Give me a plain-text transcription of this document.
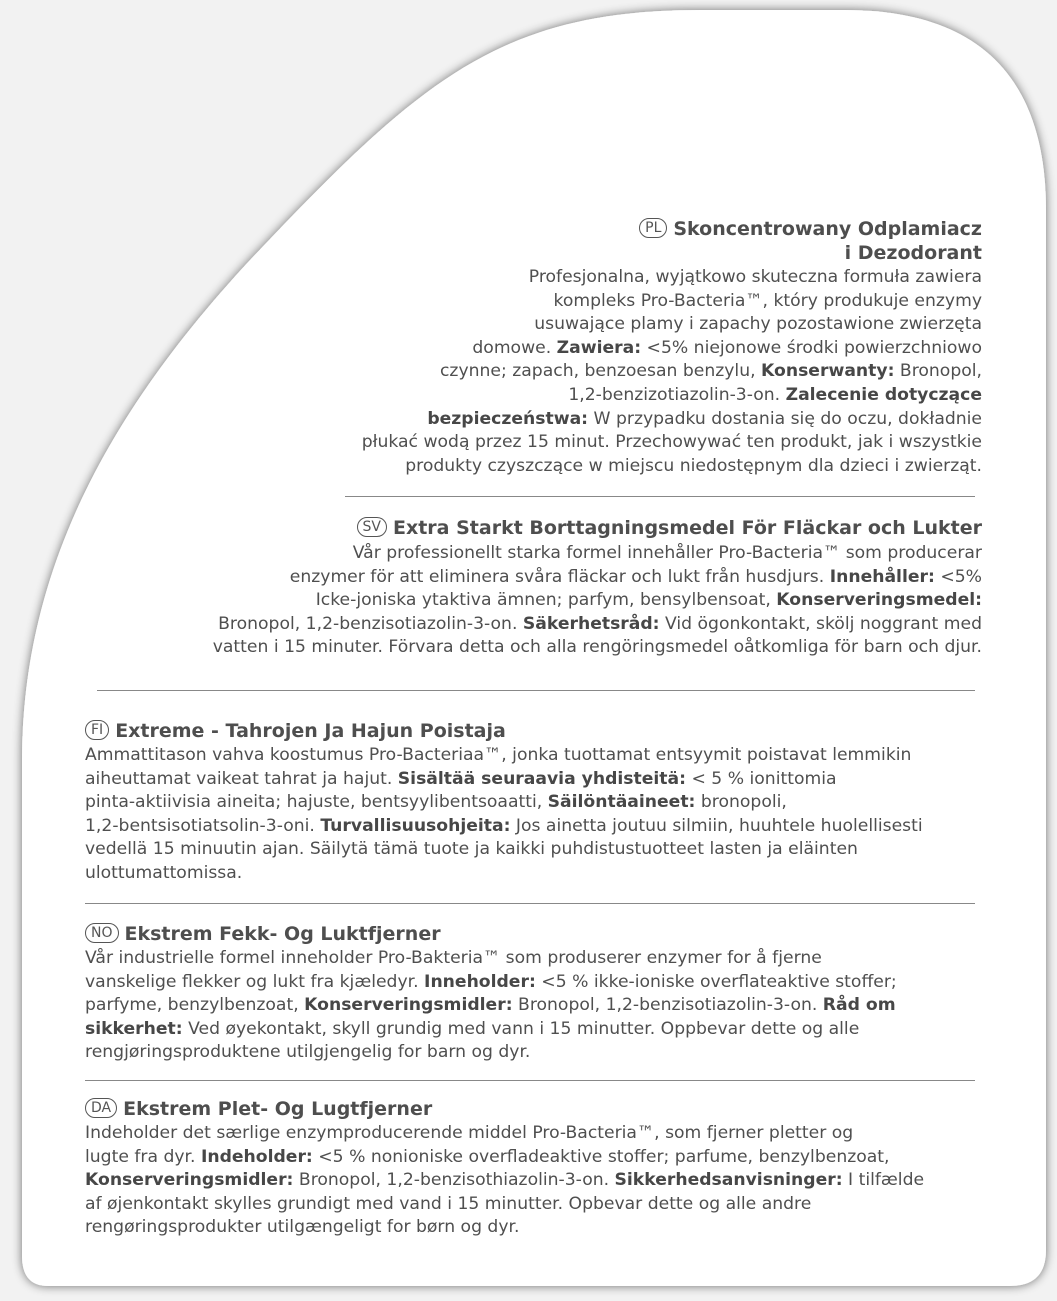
PL Skoncentrowany Odplamiacz
i Dezodorant
Profesjonalna, wyjątkowo skuteczna formuła zawiera
kompleks Pro-Bacteria™, który produkuje enzymy
usuwające plamy i zapachy pozostawione zwierzęta
domowe. Zawiera: <5% niejonowe środki powierzchniowo
czynne; zapach, benzoesan benzylu, Konserwanty: Bronopol,
1,2-benzizotiazolin-3-on. Zalecenie dotyczące
bezpieczeństwa: W przypadku dostania się do oczu, dokładnie
płukać wodą przez 15 minut. Przechowywać ten produkt, jak i wszystkie
produkty czyszczące w miejscu niedostępnym dla dzieci i zwierząt.
SV Extra Starkt Borttagningsmedel För Fläckar och Lukter
Vår professionellt starka formel innehåller Pro-Bacteria™ som producerar
enzymer för att eliminera svåra fläckar och lukt från husdjurs. Innehåller: <5%
Icke-joniska ytaktiva ämnen; parfym, bensylbensoat, Konserveringsmedel:
Bronopol, 1,2-benzisotiazolin-3-on. Säkerhetsråd: Vid ögonkontakt, skölj noggrant med
vatten i 15 minuter. Förvara detta och alla rengöringsmedel oåtkomliga för barn och djur.
FI Extreme - Tahrojen Ja Hajun Poistaja
Ammattitason vahva koostumus Pro-Bacteriaa™, jonka tuottamat entsyymit poistavat lemmikin
aiheuttamat vaikeat tahrat ja hajut. Sisältää seuraavia yhdisteitä: < 5 % ionittomia
pinta-aktiivisia aineita; hajuste, bentsyylibentsoaatti, Säilöntäaineet: bronopoli,
1,2-bentsisotiatsolin-3-oni. Turvallisuusohjeita: Jos ainetta joutuu silmiin, huuhtele huolellisesti
vedellä 15 minuutin ajan. Säilytä tämä tuote ja kaikki puhdistustuotteet lasten ja eläinten
ulottumattomissa.
NO Ekstrem Fekk- Og Luktfjerner
Vår industrielle formel inneholder Pro-Bakteria™ som produserer enzymer for å fjerne
vanskelige flekker og lukt fra kjæledyr. Inneholder: <5 % ikke-ioniske overflateaktive stoffer;
parfyme, benzylbenzoat, Konserveringsmidler: Bronopol, 1,2-benzisotiazolin-3-on. Råd om
sikkerhet: Ved øyekontakt, skyll grundig med vann i 15 minutter. Oppbevar dette og alle
rengjøringsproduktene utilgjengelig for barn og dyr.
DA Ekstrem Plet- Og Lugtfjerner
Indeholder det særlige enzymproducerende middel Pro-Bacteria™, som fjerner pletter og
lugte fra dyr. Indeholder: <5 % nonioniske overfladeaktive stoffer; parfume, benzylbenzoat,
Konserveringsmidler: Bronopol, 1,2-benzisothiazolin-3-on. Sikkerhedsanvisninger: I tilfælde
af øjenkontakt skylles grundigt med vand i 15 minutter. Opbevar dette og alle andre
rengøringsprodukter utilgængeligt for børn og dyr.
